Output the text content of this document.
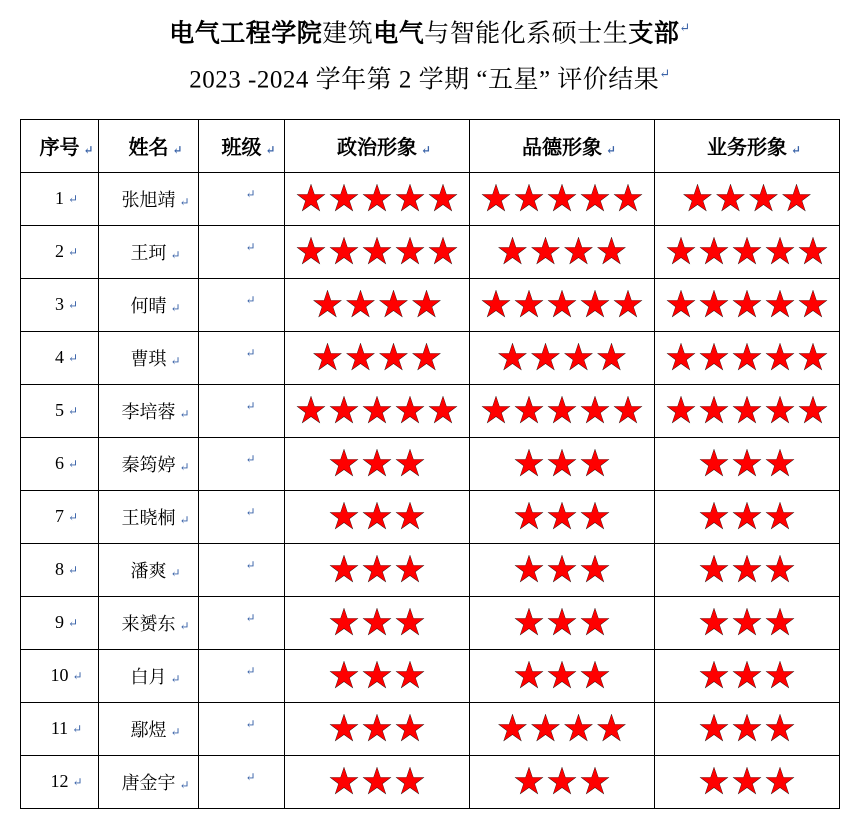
电气工程学院建筑电气与智能化系硕士生支部↵
2023 -2024 学年第 2 学期 “五星” 评价结果↵
序号 ↵	姓名 ↵	班级 ↵	政治形象 ↵	品德形象 ↵	业务形象 ↵

1 ↵	张旭靖 ↵	↵			

2 ↵	王珂 ↵	↵			

3 ↵	何晴 ↵	↵			

4 ↵	曹琪 ↵	↵			

5 ↵	李培蓉 ↵	↵			

6 ↵	秦筠婷 ↵	↵			

7 ↵	王晓桐 ↵	↵			

8 ↵	潘爽 ↵	↵			

9 ↵	来赟东 ↵	↵			

10 ↵	白月 ↵	↵			

11 ↵	鄢煜 ↵	↵			

12 ↵	唐金宇 ↵	↵			
